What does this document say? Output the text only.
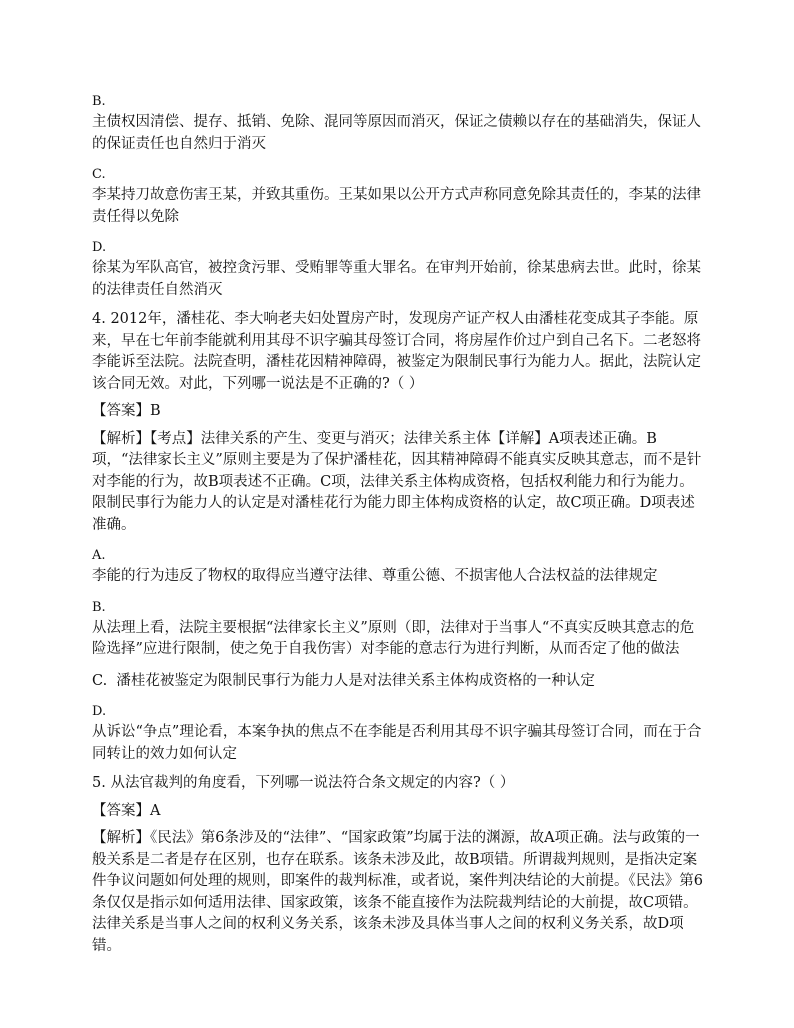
B.
主债权因清偿、提存、抵销、免除、混同等原因而消灭，保证之债赖以存在的基础消失，保证人的保证责任也自然归于消灭
C.
李某持刀故意伤害王某，并致其重伤。王某如果以公开方式声称同意免除其责任的，李某的法律责任得以免除
D.
徐某为军队高官，被控贪污罪、受贿罪等重大罪名。在审判开始前，徐某患病去世。此时，徐某的法律责任自然消灭
4. 2012年，潘桂花、李大响老夫妇处置房产时，发现房产证产权人由潘桂花变成其子李能。原来，早在七年前李能就利用其母不识字骗其母签订合同，将房屋作价过户到自己名下。二老怒将李能诉至法院。法院查明，潘桂花因精神障碍，被鉴定为限制民事行为能力人。据此，法院认定该合同无效。对此，下列哪一说法是不正确的?（ ）
【答案】B
【解析】【考点】法律关系的产生、变更与消灭；法律关系主体【详解】A项表述正确。B项，“法律家长主义”原则主要是为了保护潘桂花，因其精神障碍不能真实反映其意志，而不是针对李能的行为，故B项表述不正确。C项，法律关系主体构成资格，包括权利能力和行为能力。限制民事行为能力人的认定是对潘桂花行为能力即主体构成资格的认定，故C项正确。D项表述准确。
A.
李能的行为违反了物权的取得应当遵守法律、尊重公德、不损害他人合法权益的法律规定
B.
从法理上看，法院主要根据“法律家长主义”原则（即，法律对于当事人“不真实反映其意志的危险选择”应进行限制，使之免于自我伤害）对李能的意志行为进行判断，从而否定了他的做法
C. 潘桂花被鉴定为限制民事行为能力人是对法律关系主体构成资格的一种认定
D.
从诉讼“争点”理论看，本案争执的焦点不在李能是否利用其母不识字骗其母签订合同，而在于合同转让的效力如何认定
5. 从法官裁判的角度看，下列哪一说法符合条文规定的内容?（ ）
【答案】A
【解析】《民法》第6条涉及的“法律”、“国家政策”均属于法的渊源，故A项正确。法与政策的一般关系是二者是存在区别，也存在联系。该条未涉及此，故B项错。所谓裁判规则，是指决定案件争议问题如何处理的规则，即案件的裁判标准，或者说，案件判决结论的大前提。《民法》第6条仅仅是指示如何适用法律、国家政策，该条不能直接作为法院裁判结论的大前提，故C项错。法律关系是当事人之间的权利义务关系，该条未涉及具体当事人之间的权利义务关系，故D项错。
